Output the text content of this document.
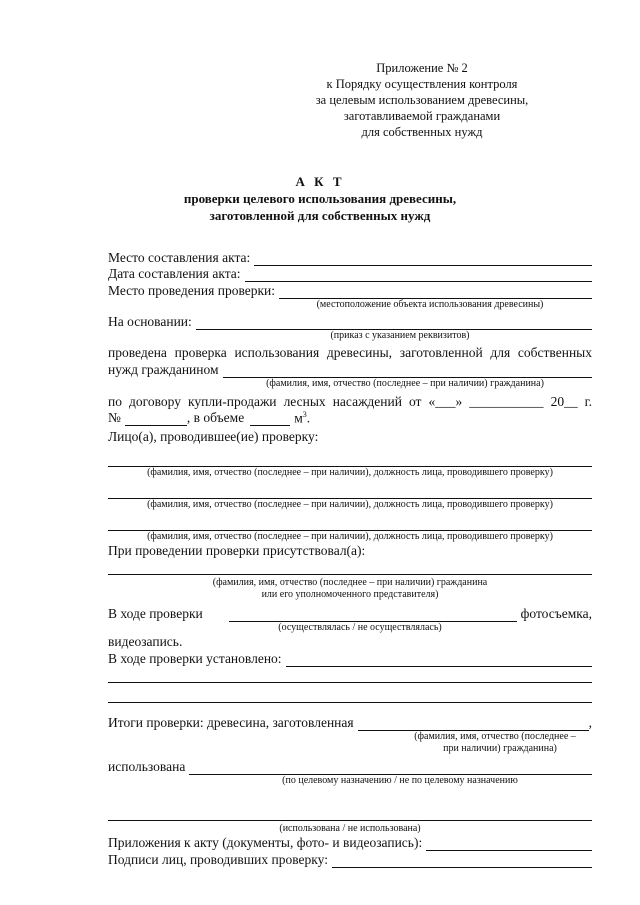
Приложение № 2
к Порядку осуществления контроля
за целевым использованием древесины,
заготавливаемой гражданами
для собственных нужд
А К Т
проверки целевого использования древесины,
заготовленной для собственных нужд
Место составления акта:
Дата составления акта:
Место проведения проверки:
(местоположение объекта использования древесины)
На основании:
(приказ с указанием реквизитов)
проведена проверка использования древесины, заготовленной для собственных
нужд гражданином
(фамилия, имя, отчество (последнее – при наличии) гражданина)
по договору купли-продажи лесных насаждений от «___» ___________ 20__ г.
№	, в объеме	$м^3$.
Лицо(а), проводившее(ие) проверку:
(фамилия, имя, отчество (последнее – при наличии), должность лица, проводившего проверку)
(фамилия, имя, отчество (последнее – при наличии), должность лица, проводившего проверку)
(фамилия, имя, отчество (последнее – при наличии), должность лица, проводившего проверку)
При проведении проверки присутствовал(а):
(фамилия, имя, отчество (последнее – при наличии) гражданина
или его уполномоченного представителя)
В ходе проверки	фотосъемка,
(осуществлялась / не осуществлялась)
видеозапись.
В ходе проверки установлено:
Итоги проверки: древесина, заготовленная	,
(фамилия, имя, отчество (последнее –
при наличии) гражданина)
использована
(по целевому назначению / не по целевому назначению
(использована / не использована)
Приложения к акту (документы, фото- и видеозапись):
Подписи лиц, проводивших проверку:
